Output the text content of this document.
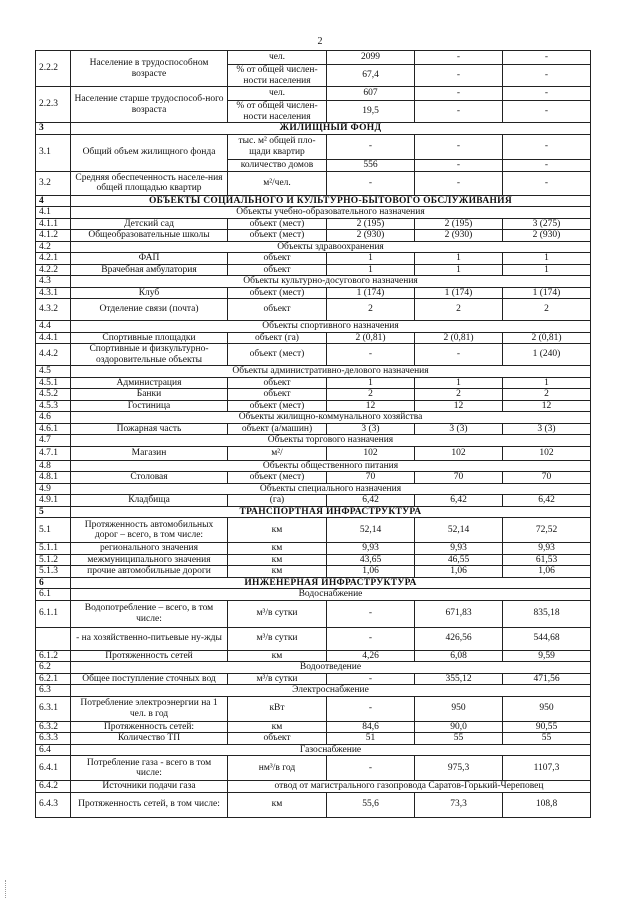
2
2.2.2	Население в трудоспособном возрасте	чел.	2099	-	-
		% от общей числен-ности населения	67,4	-	-
2.2.3	Население старше трудоспособ-ного возраста	чел.	607	-	-
		% от общей числен-ности населения	19,5	-	-
3	ЖИЛИЩНЫЙ ФОНД				
3.1	Общий объем жилищного фонда	тыс. м² общей пло-щади квартир	-	-	-
		количество домов	556	-	-
3.2	Средняя обеспеченность населе-ния общей площадью квартир	м²/чел.	-	-	-
4	ОБЪЕКТЫ СОЦИАЛЬНОГО И КУЛЬТУРНО-БЫТОВОГО ОБСЛУЖИВАНИЯ				
4.1	Объекты учебно-образовательного назначения				
4.1.1	Детский сад	объект (мест)	2 (195)	2 (195)	3 (275)
4.1.2	Общеобразовательные школы	объект (мест)	2 (930)	2 (930)	2 (930)
4.2	Объекты здравоохранения				
4.2.1	ФАП	объект	1	1	1
4.2.2	Врачебная амбулатория	объект	1	1	1
4.3	Объекты культурно-досугового назначения				
4.3.1	Клуб	объект (мест)	1 (174)	1 (174)	1 (174)
4.3.2	Отделение связи (почта)	объект	2	2	2
4.4	Объекты спортивного назначения				
4.4.1	Спортивные площадки	объект (га)	2 (0,81)	2 (0,81)	2 (0,81)
4.4.2	Спортивные и физкультурно-оздоровительные объекты	объект (мест)	-	-	1 (240)
4.5	Объекты административно-делового назначения				
4.5.1	Администрация	объект	1	1	1
4.5.2	Банки	объект	2	2	2
4.5.3	Гостиница	объект (мест)	12	12	12
4.6	Объекты жилищно-коммунального хозяйства				
4.6.1	Пожарная часть	объект (а/машин)	3 (3)	3 (3)	3 (3)
4.7	Объекты торгового назначения				
4.7.1	Магазин	м²/	102	102	102
4.8	Объекты общественного питания				
4.8.1	Столовая	объект (мест)	70	70	70
4.9	Объекты специального назначения				
4.9.1	Кладбища	(га)	6,42	6,42	6,42
5	ТРАНСПОРТНАЯ ИНФРАСТРУКТУРА				
5.1	Протяженность автомобильных дорог – всего, в том числе:	км	52,14	52,14	72,52
5.1.1	регионального значения	км	9,93	9,93	9,93
5.1.2	межмуниципального значения	км	43,65	46,55	61,53
5.1.3	прочие автомобильные дороги	км	1,06	1,06	1,06
6	ИНЖЕНЕРНАЯ ИНФРАСТРУКТУРА				
6.1	Водоснабжение				
6.1.1	Водопотребление – всего, в том числе:	м³/в сутки	-	671,83	835,18
	- на хозяйственно-питьевые ну-жды	м³/в сутки	-	426,56	544,68
6.1.2	Протяженность сетей	км	4,26	6,08	9,59
6.2	Водоотведение				
6.2.1	Общее поступление сточных вод	м³/в сутки	-	355,12	471,56
6.3	Электроснабжение				
6.3.1	Потребление электроэнергии на 1 чел. в год	кВт	-	950	950
6.3.2	Протяженность сетей:	км	84,6	90,0	90,55
6.3.3	Количество ТП	объект	51	55	55
6.4	Газоснабжение				
6.4.1	Потребление газа - всего в том числе:	нм³/в год	-	975,3	1107,3
6.4.2	Источники подачи газа	отвод от магистрального газопровода Саратов-Горький-Череповец			
6.4.3	Протяженность сетей, в том числе:	км	55,6	73,3	108,8
